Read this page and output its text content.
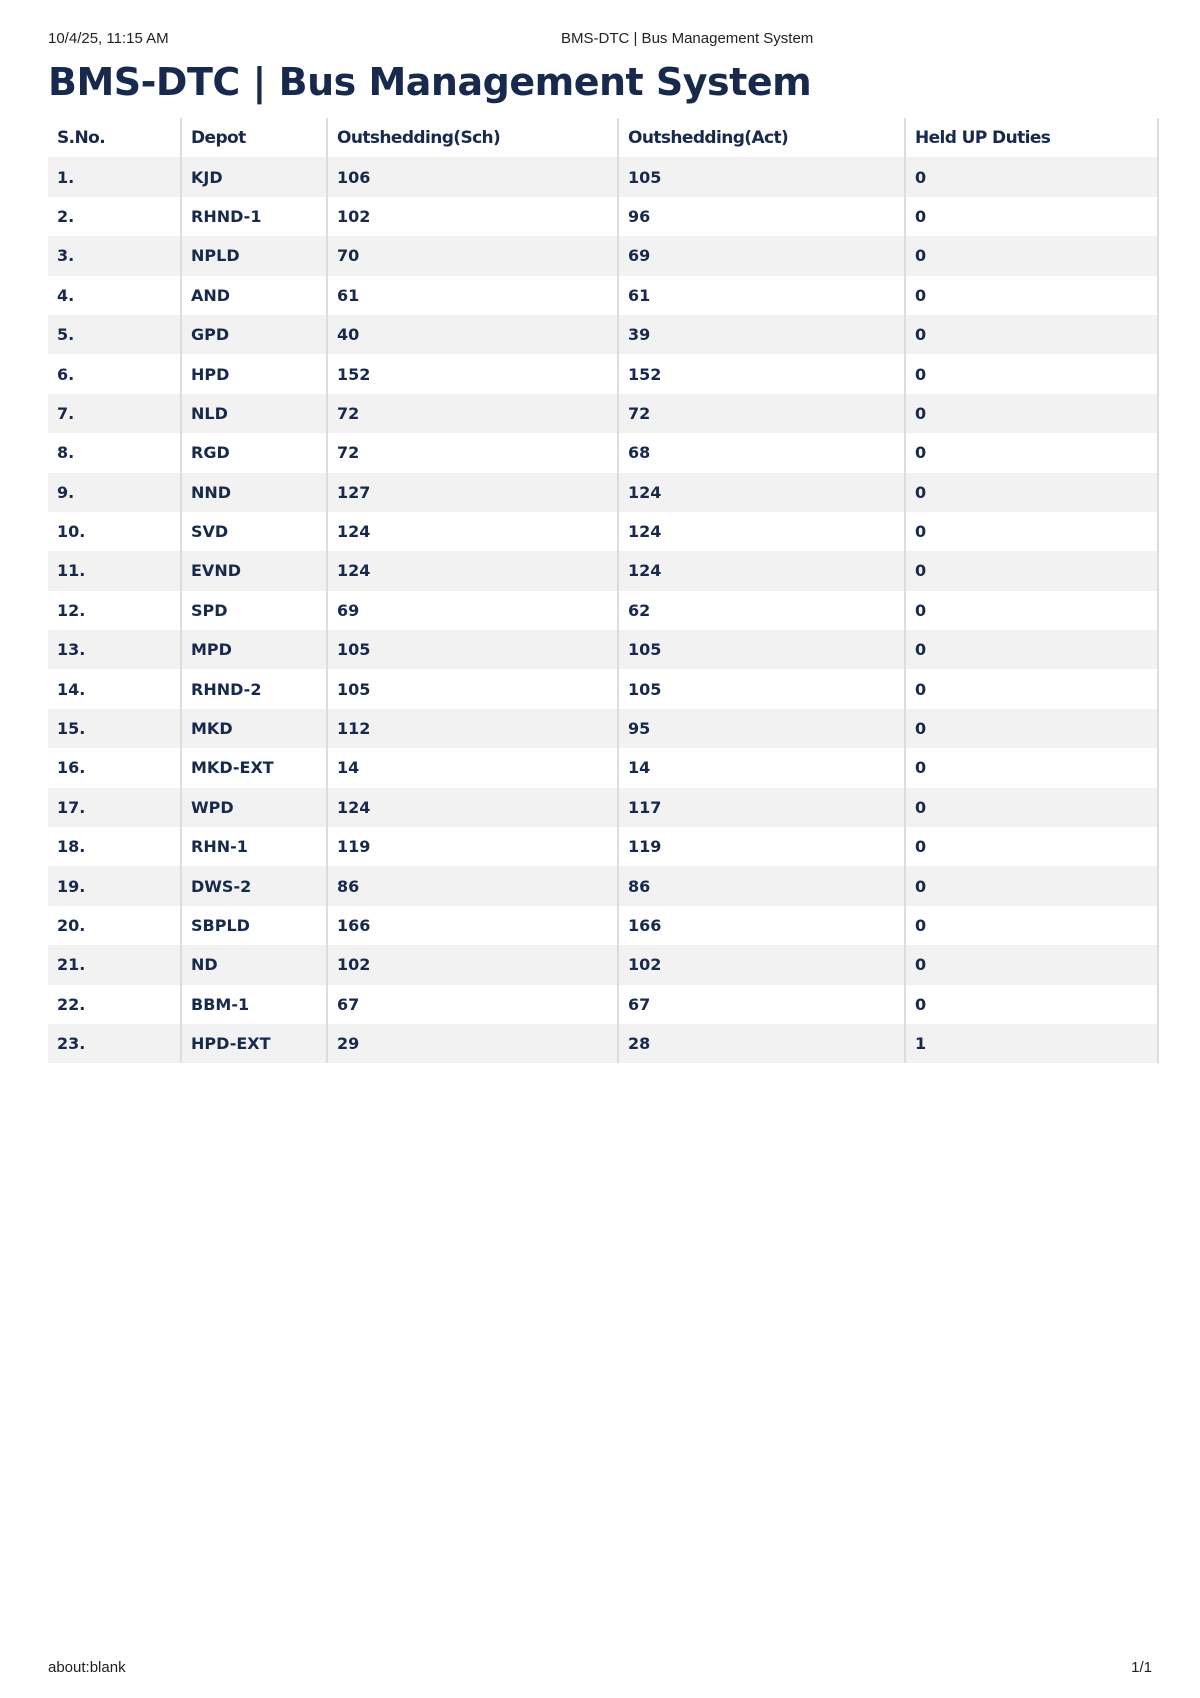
10/4/25, 11:15 AM	BMS-DTC | Bus Management System
BMS-DTC | Bus Management System
S.No.	Depot	Outshedding(Sch)	Outshedding(Act)	Held UP Duties
1.	KJD	106	105	0
2.	RHND-1	102	96	0
3.	NPLD	70	69	0
4.	AND	61	61	0
5.	GPD	40	39	0
6.	HPD	152	152	0
7.	NLD	72	72	0
8.	RGD	72	68	0
9.	NND	127	124	0
10.	SVD	124	124	0
11.	EVND	124	124	0
12.	SPD	69	62	0
13.	MPD	105	105	0
14.	RHND-2	105	105	0
15.	MKD	112	95	0
16.	MKD-EXT	14	14	0
17.	WPD	124	117	0
18.	RHN-1	119	119	0
19.	DWS-2	86	86	0
20.	SBPLD	166	166	0
21.	ND	102	102	0
22.	BBM-1	67	67	0
23.	HPD-EXT	29	28	1
about:blank	1/1
